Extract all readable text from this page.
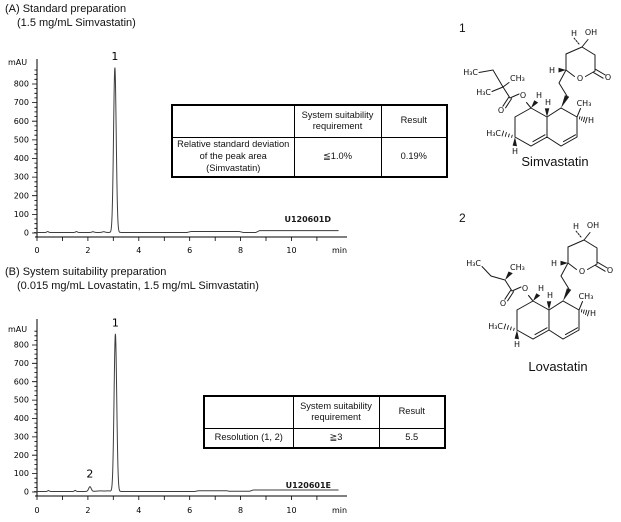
(A) Standard preparation
(1.5 mg/mL Simvastatin)
(B) System suitability preparation
(0.015 mg/mL Lovastatin, 1.5 mg/mL Simvastatin)
0
100
200
300
400
500
600
700
800
0	2	4	6	8	10
mAU
min
U120601D
1
0
100
200
300
400
500
600
700
800
0	2	4	6	8	10
mAU
min
U120601E
2
1
	System suitability requirement	Result
Relative standard deviation of the peak area (Simvastatin)	≦1.0%	0.19%
	System suitability requirement	Result
Resolution (1, 2)	≧3	5.5
1
2
Simvastatin
Lovastatin
H OH
H
O	O
H₃C
CH₃
H₃C	O
O
H
H	CH₃
H
H₃C
H
H OH
H
O	O
H₃C	CH₃
O
O
H
H	CH₃
H
H₃C
H
